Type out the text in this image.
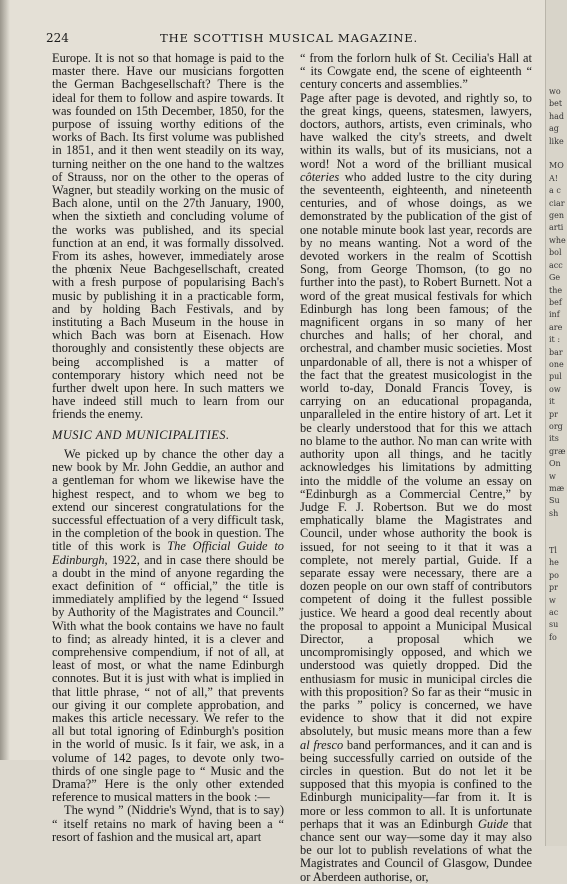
224	THE SCOTTISH MUSICAL MAGAZINE.

Europe. It is not so that homage is paid to the master there. Have our musicians forgotten the German Bachgesellschaft? There is the ideal for them to follow and aspire towards. It was founded on 15th December, 1850, for the purpose of issuing worthy editions of the works of Bach. Its first volume was published in 1851, and it then went steadily on its way, turning neither on the one hand to the waltzes of Strauss, nor on the other to the operas of Wagner, but steadily working on the music of Bach alone, until on the 27th January, 1900, when the sixtieth and concluding volume of the works was published, and its special function at an end, it was formally dissolved. From its ashes, however, immediately arose the phœnix Neue Bachgesellschaft, created with a fresh purpose of popularising Bach's music by publishing it in a practicable form, and by holding Bach Festivals, and by instituting a Bach Museum in the house in which Bach was born at Eisenach. How thoroughly and consistently these objects are being accomplished is a matter of contemporary history which need not be further dwelt upon here. In such matters we have indeed still much to learn from our friends the enemy.

MUSIC AND MUNICIPALITIES.

We picked up by chance the other day a new book by Mr. John Geddie, an author and a gentleman for whom we likewise have the highest respect, and to whom we beg to extend our sincerest congratulations for the successful effectuation of a very difficult task, in the completion of the book in question. The title of this work is The Official Guide to Edinburgh, 1922, and in case there should be a doubt in the mind of anyone regarding the exact definition of “ official,” the title is immediately amplified by the legend “ Issued by Authority of the Magistrates and Council.” With what the book contains we have no fault to find; as already hinted, it is a clever and comprehensive compendium, if not of all, at least of most, or what the name Edinburgh connotes. But it is just with what is implied in that little phrase, “ not of all,” that prevents our giving it our complete approbation, and makes this article necessary. We refer to the all but total ignoring of Edinburgh's position in the world of music. Is it fair, we ask, in a volume of 142 pages, to devote only two-thirds of one single page to “ Music and the Drama?” Here is the only other extended reference to musical matters in the book :—

The wynd ” (Niddrie's Wynd, that is to say) “ itself retains no mark of having been a “ resort of fashion and the musical art, apart

“ from the forlorn hulk of St. Cecilia's Hall at “ its Cowgate end, the scene of eighteenth “ century concerts and assemblies.”

Page after page is devoted, and rightly so, to the great kings, queens, statesmen, lawyers, doctors, authors, artists, even criminals, who have walked the city's streets, and dwelt within its walls, but of its musicians, not a word! Not a word of the brilliant musical côteries who added lustre to the city during the seventeenth, eighteenth, and nineteenth centuries, and of whose doings, as we demonstrated by the publication of the gist of one notable minute book last year, records are by no means wanting. Not a word of the devoted workers in the realm of Scottish Song, from George Thomson, (to go no further into the past), to Robert Burnett. Not a word of the great musical festivals for which Edinburgh has long been famous; of the magnificent organs in so many of her churches and halls; of her choral, and orchestral, and chamber music societies. Most unpardonable of all, there is not a whisper of the fact that the greatest musicologist in the world to-day, Donald Francis Tovey, is carrying on an educational propaganda, unparalleled in the entire history of art. Let it be clearly understood that for this we attach no blame to the author. No man can write with authority upon all things, and he tacitly acknowledges his limitations by admitting into the middle of the volume an essay on “Edinburgh as a Commercial Centre,” by Judge F. J. Robertson. But we do most emphatically blame the Magistrates and Council, under whose authority the book is issued, for not seeing to it that it was a complete, not merely partial, Guide. If a separate essay were necessary, there are a dozen people on our own staff of contributors competent of doing it the fullest possible justice. We heard a good deal recently about the proposal to appoint a Municipal Musical Director, a proposal which we uncompromisingly opposed, and which we understood was quietly dropped. Did the enthusiasm for music in municipal circles die with this proposition? So far as their “music in the parks ” policy is concerned, we have evidence to show that it did not expire absolutely, but music means more than a few al fresco band performances, and it can and is being successfully carried on outside of the circles in question. But do not let it be supposed that this myopia is confined to the Edinburgh municipality—far from it. It is more or less common to all. It is unfortunate perhaps that it was an Edinburgh Guide that chance sent our way—some day it may also be our lot to publish revelations of what the Magistrates and Council of Glasgow, Dundee or Aberdeen authorise, or,

wo
bet
had
ag
like

MO
A!
a c
ciar
gen
arti
whe
bol
acc
Ge
the
bef
inf
are
it :
bar
one
pul
ow
it
pr
org
its
græ
On
w
mæ
Su
sh

Tl
he
po
pr
w
ac
su
fo
